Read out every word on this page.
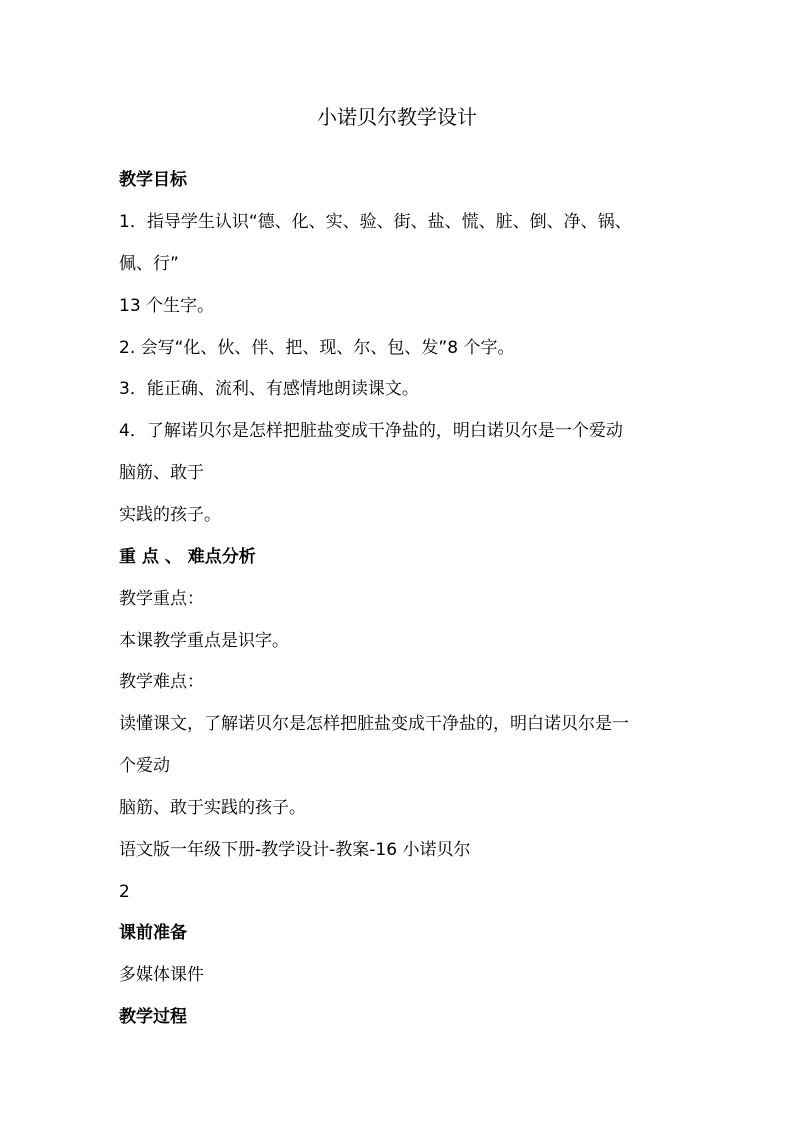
小诺贝尔教学设计
教学目标
1．指导学生认识“德、化、实、验、街、盐、慌、脏、倒、净、锅、
佩、行”
13 个生字。
2. 会写“化、伙、伴、把、现、尔、包、发”8 个字。
3．能正确、流利、有感情地朗读课文。
4．了解诺贝尔是怎样把脏盐变成干净盐的，明白诺贝尔是一个爱动
脑筋、敢于
实践的孩子。
重 点 、 难点分析
教学重点：
本课教学重点是识字。
教学难点：
读懂课文，了解诺贝尔是怎样把脏盐变成干净盐的，明白诺贝尔是一
个爱动
脑筋、敢于实践的孩子。
语文版一年级下册-教学设计-教案-16 小诺贝尔
2
课前准备
多媒体课件
教学过程
